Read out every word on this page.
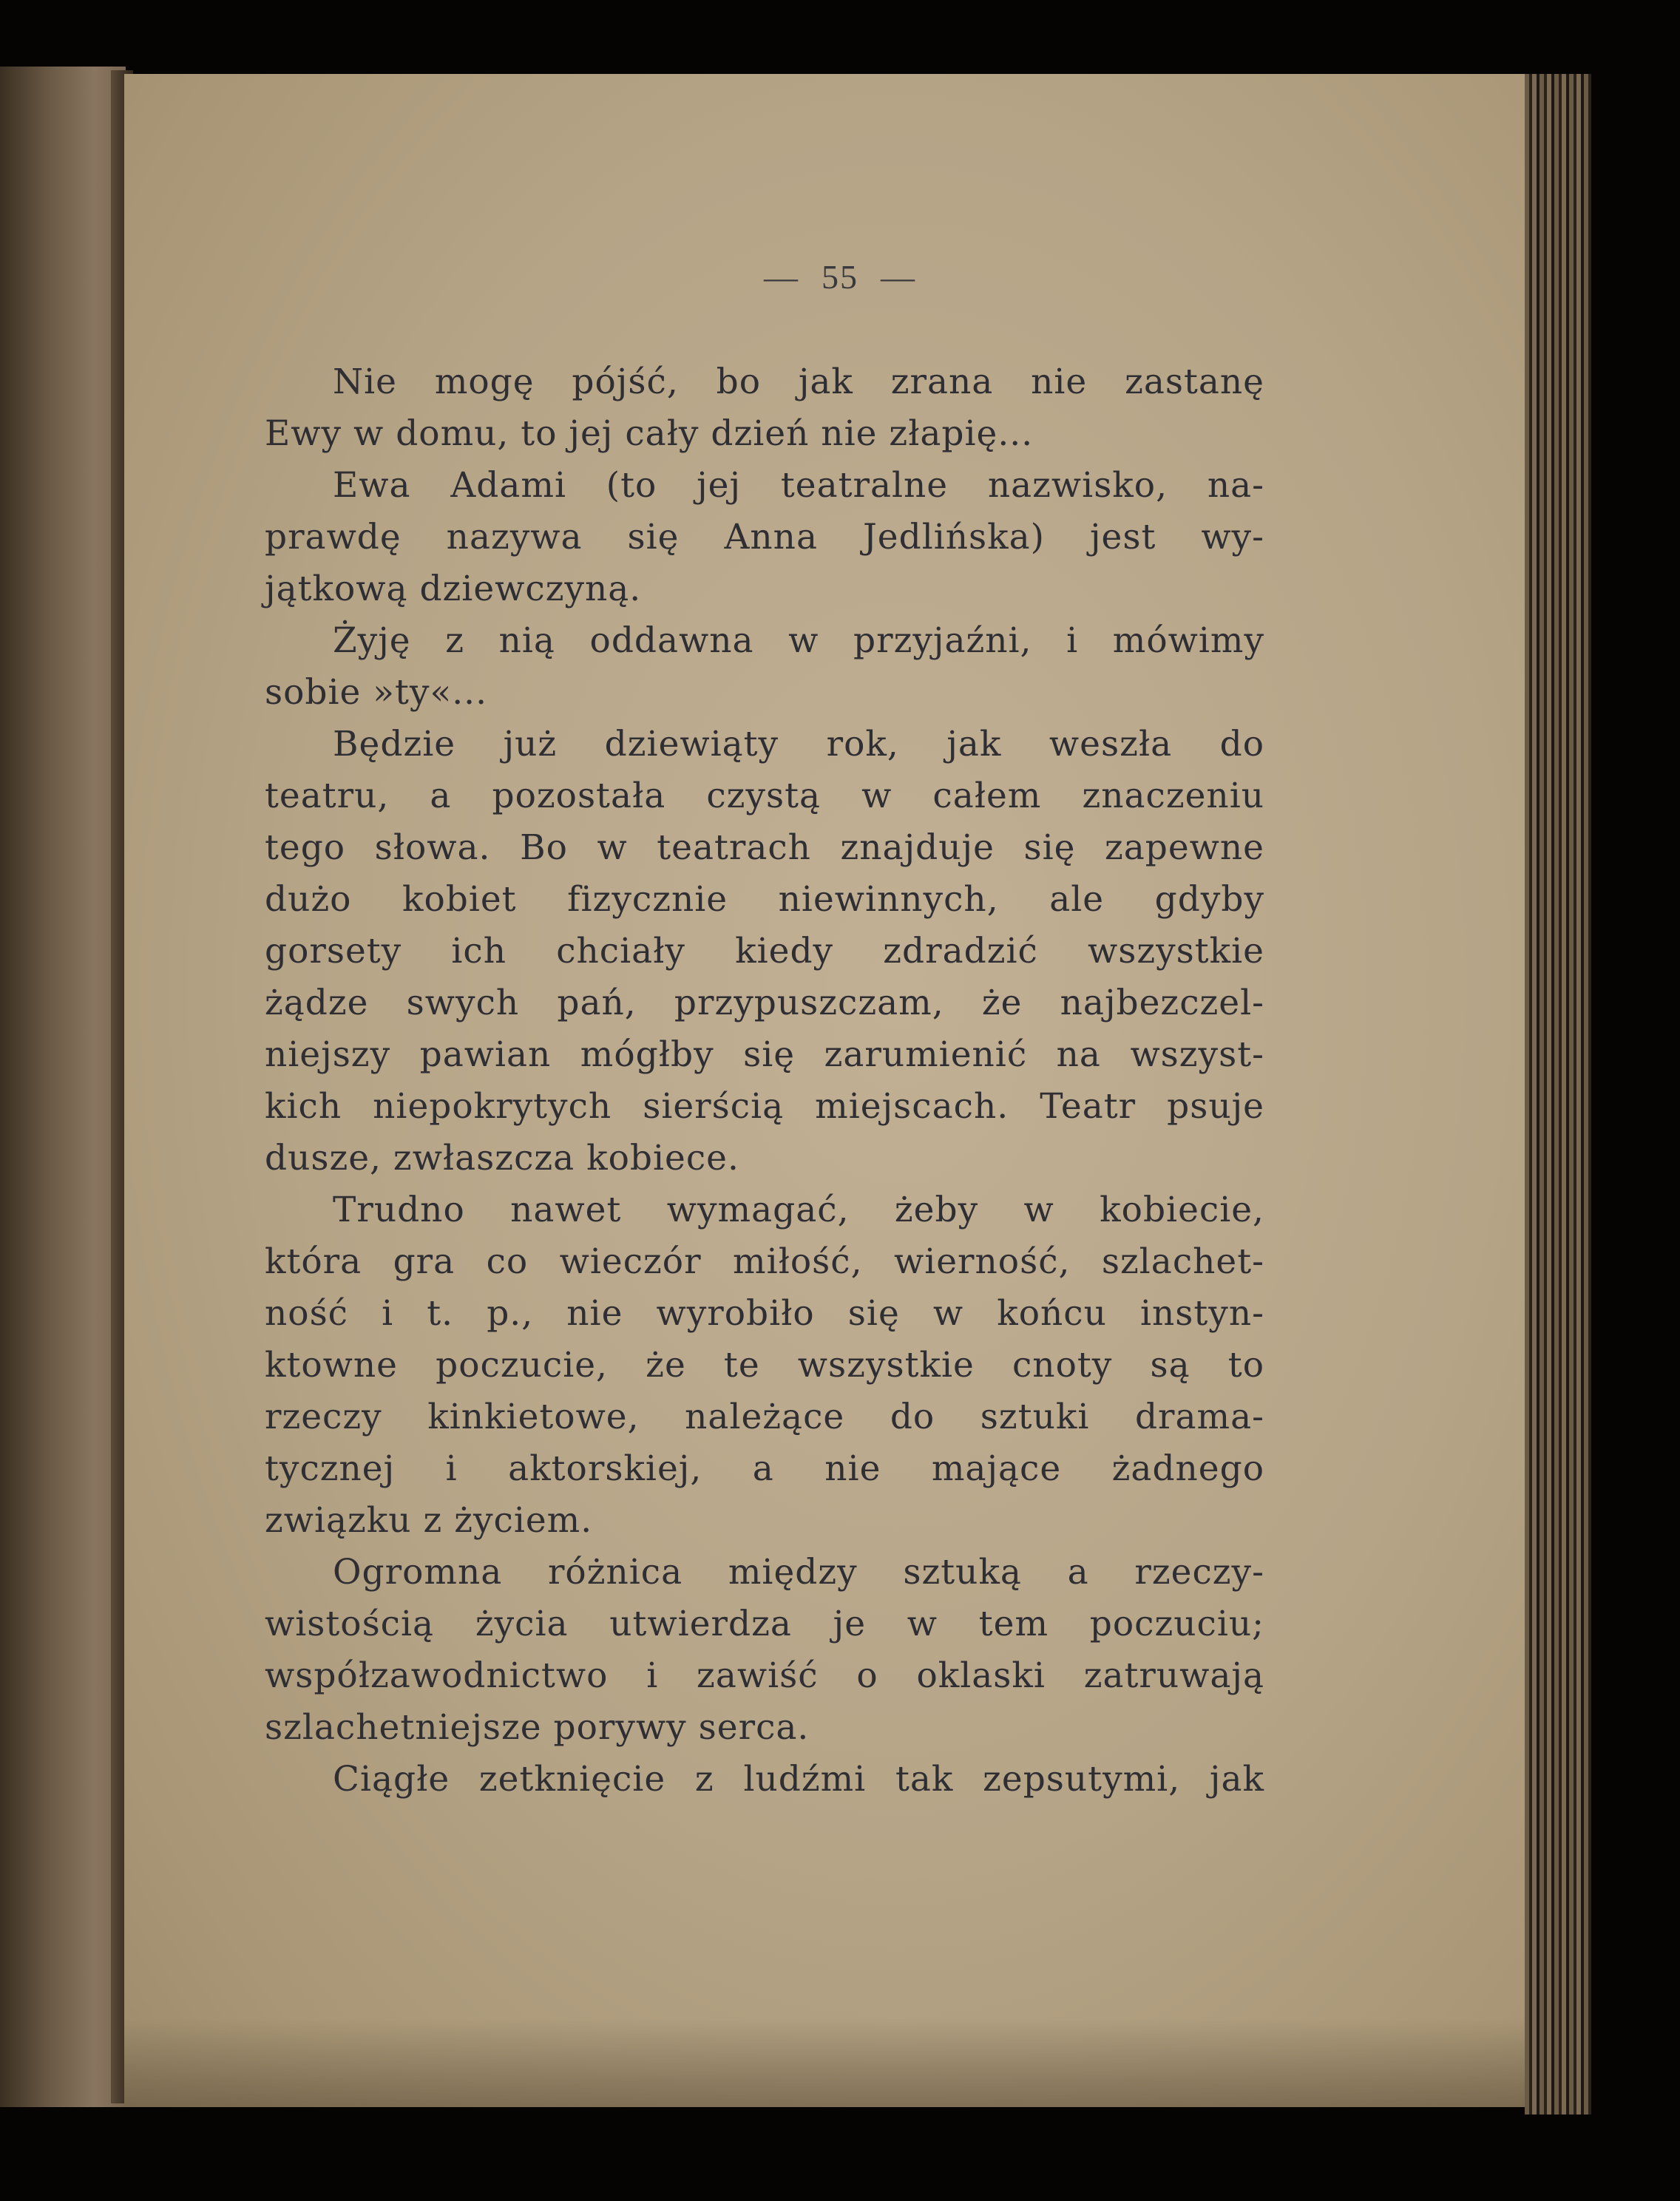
— 55 —
Nie mogę pójść, bo jak zrana nie zastanę
Ewy w domu, to jej cały dzień nie złapię...
Ewa Adami (to jej teatralne nazwisko, na-
prawdę nazywa się Anna Jedlińska) jest wy-
jątkową dziewczyną.
Żyję z nią oddawna w przyjaźni, i mówimy
sobie »ty«...
Będzie już dziewiąty rok, jak weszła do
teatru, a pozostała czystą w całem znaczeniu
tego słowa. Bo w teatrach znajduje się zapewne
dużo kobiet fizycznie niewinnych, ale gdyby
gorsety ich chciały kiedy zdradzić wszystkie
żądze swych pań, przypuszczam, że najbezczel-
niejszy pawian mógłby się zarumienić na wszyst-
kich niepokrytych sierścią miejscach. Teatr psuje
dusze, zwłaszcza kobiece.
Trudno nawet wymagać, żeby w kobiecie,
która gra co wieczór miłość, wierność, szlachet-
ność i t. p., nie wyrobiło się w końcu instyn-
ktowne poczucie, że te wszystkie cnoty są to
rzeczy kinkietowe, należące do sztuki drama-
tycznej i aktorskiej, a nie mające żadnego
związku z życiem.
Ogromna różnica między sztuką a rzeczy-
wistością życia utwierdza je w tem poczuciu;
współzawodnictwo i zawiść o oklaski zatruwają
szlachetniejsze porywy serca.
Ciągłe zetknięcie z ludźmi tak zepsutymi, jak
